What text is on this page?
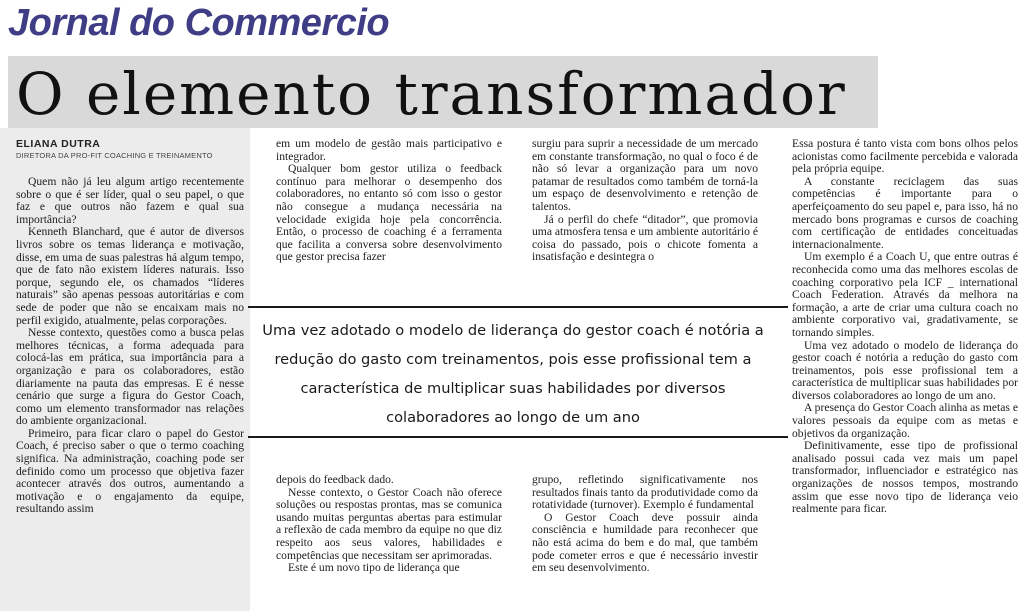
Jornal do Commercio
O elemento transformador
ELIANA DUTRA
DIRETORA DA PRO-FIT COACHING E TREINAMENTO

Quem não já leu algum artigo recentemente sobre o que é ser líder, qual o seu papel, o que faz e que outros não fazem e qual sua importância?

Kenneth Blanchard, que é autor de diversos livros sobre os temas liderança e motivação, disse, em uma de suas palestras há algum tempo, que de fato não existem líderes naturais. Isso porque, segundo ele, os chamados “líderes naturais” são apenas pessoas autoritárias e com sede de poder que não se encaixam mais no perfil exigido, atualmente, pelas corporações.

Nesse contexto, questões como a busca pelas melhores técnicas, a forma adequada para colocá-las em prática, sua importância para a organização e para os colaboradores, estão diariamente na pauta das empresas. E é nesse cenário que surge a figura do Gestor Coach, como um elemento transformador nas relações do ambiente organizacional.

Primeiro, para ficar claro o papel do Gestor Coach, é preciso saber o que o termo coaching significa. Na administração, coaching pode ser definido como um processo que objetiva fazer acontecer através dos outros, aumentando a motivação e o engajamento da equipe, resultando assim

em um modelo de gestão mais participativo e integrador.

Qualquer bom gestor utiliza o feedback contínuo para melhorar o desempenho dos colaboradores, no entanto só com isso o gestor não consegue a mudança necessária na velocidade exigida hoje pela concorrência. Então, o processo de coaching é a ferramenta que facilita a conversa sobre desenvolvimento que gestor precisa fazer

surgiu para suprir a necessidade de um mercado em constante transformação, no qual o foco é de não só levar a organização para um novo patamar de resultados como também de torná-la um espaço de desenvolvimento e retenção de talentos.

Já o perfil do chefe “ditador”, que promovia uma atmosfera tensa e um ambiente autoritário é coisa do passado, pois o chicote fomenta a insatisfação e desintegra o

Uma vez adotado o modelo de liderança do gestor coach é notória a redução do gasto com treinamentos, pois esse profissional tem a característica de multiplicar suas habilidades por diversos colaboradores ao longo de um ano

depois do feedback dado.

Nesse contexto, o Gestor Coach não oferece soluções ou respostas prontas, mas se comunica usando muitas perguntas abertas para estimular a reflexão de cada membro da equipe no que diz respeito aos seus valores, habilidades e competências que necessitam ser aprimoradas.

Este é um novo tipo de liderança que

grupo, refletindo significativamente nos resultados finais tanto da produtividade como da rotatividade (turnover). Exemplo é fundamental

O Gestor Coach deve possuir ainda consciência e humildade para reconhecer que não está acima do bem e do mal, que também pode cometer erros e que é necessário investir em seu desenvolvimento.

Essa postura é tanto vista com bons olhos pelos acionistas como facilmente percebida e valorada pela própria equipe.

A constante reciclagem das suas competências é importante para o aperfeiçoamento do seu papel e, para isso, há no mercado bons programas e cursos de coaching com certificação de entidades conceituadas internacionalmente.

Um exemplo é a Coach U, que entre outras é reconhecida como uma das melhores escolas de coaching corporativo pela ICF _ international Coach Federation. Através da melhora na formação, a arte de criar uma cultura coach no ambiente corporativo vai, gradativamente, se tornando simples.

Uma vez adotado o modelo de liderança do gestor coach é notória a redução do gasto com treinamentos, pois esse profissional tem a característica de multiplicar suas habilidades por diversos colaboradores ao longo de um ano.

A presença do Gestor Coach alinha as metas e valores pessoais da equipe com as metas e objetivos da organização.

Definitivamente, esse tipo de profissional analisado possui cada vez mais um papel transformador, influenciador e estratégico nas organizações de nossos tempos, mostrando assim que esse novo tipo de liderança veio realmente para ficar.
